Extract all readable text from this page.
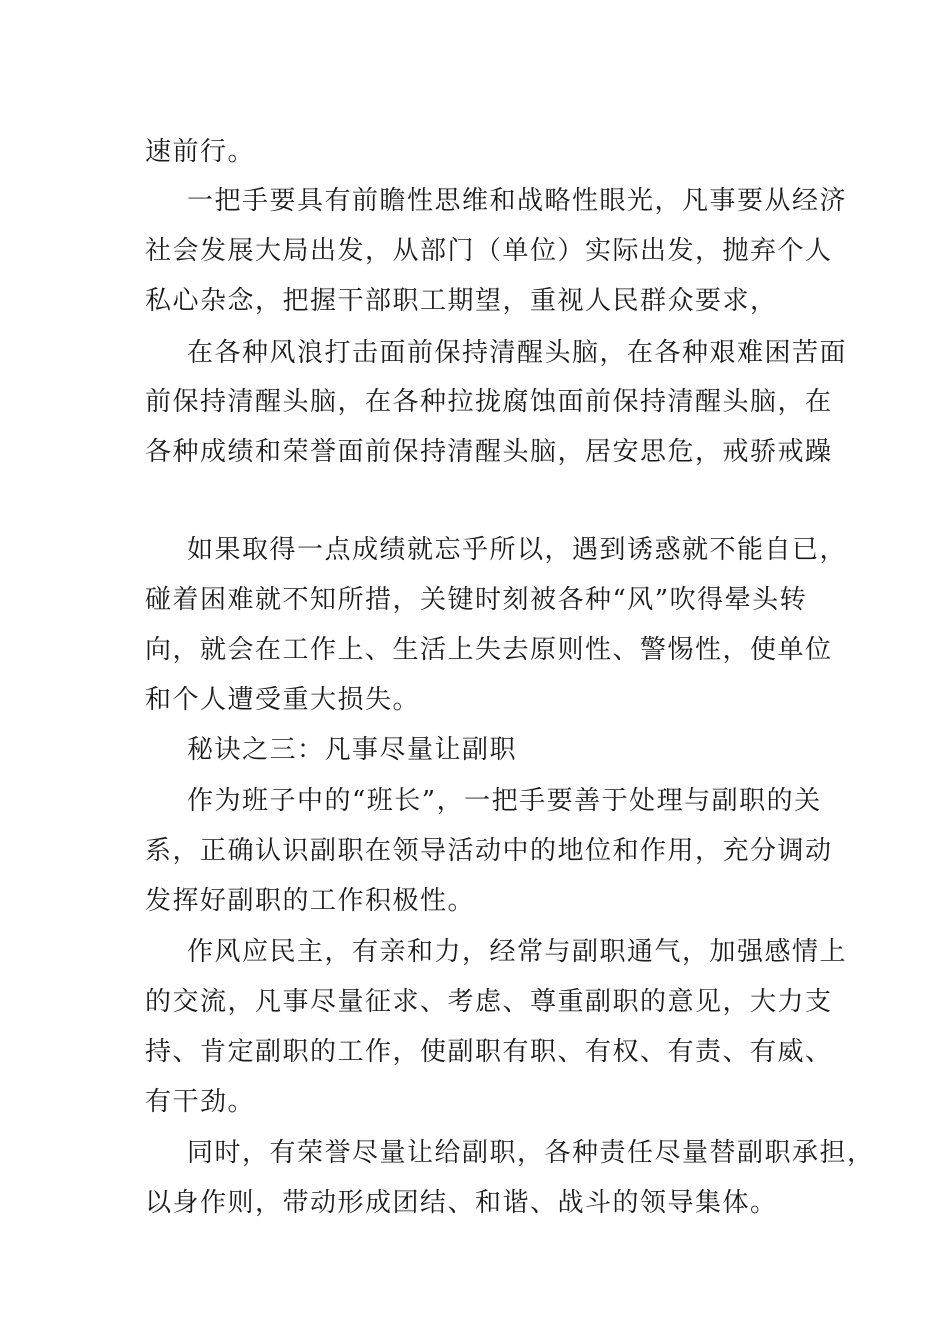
速前行。
一把手要具有前瞻性思维和战略性眼光，凡事要从经济
社会发展大局出发，从部门（单位）实际出发，抛弃个人
私心杂念，把握干部职工期望，重视人民群众要求，
在各种风浪打击面前保持清醒头脑，在各种艰难困苦面
前保持清醒头脑，在各种拉拢腐蚀面前保持清醒头脑，在
各种成绩和荣誉面前保持清醒头脑，居安思危，戒骄戒躁
如果取得一点成绩就忘乎所以，遇到诱惑就不能自已，
碰着困难就不知所措，关键时刻被各种“风”吹得晕头转
向，就会在工作上、生活上失去原则性、警惕性，使单位
和个人遭受重大损失。
秘诀之三：凡事尽量让副职
作为班子中的“班长”，一把手要善于处理与副职的关
系，正确认识副职在领导活动中的地位和作用，充分调动
发挥好副职的工作积极性。
作风应民主，有亲和力，经常与副职通气，加强感情上
的交流，凡事尽量征求、考虑、尊重副职的意见，大力支
持、肯定副职的工作，使副职有职、有权、有责、有威、
有干劲。
同时，有荣誉尽量让给副职，各种责任尽量替副职承担，
以身作则，带动形成团结、和谐、战斗的领导集体。
